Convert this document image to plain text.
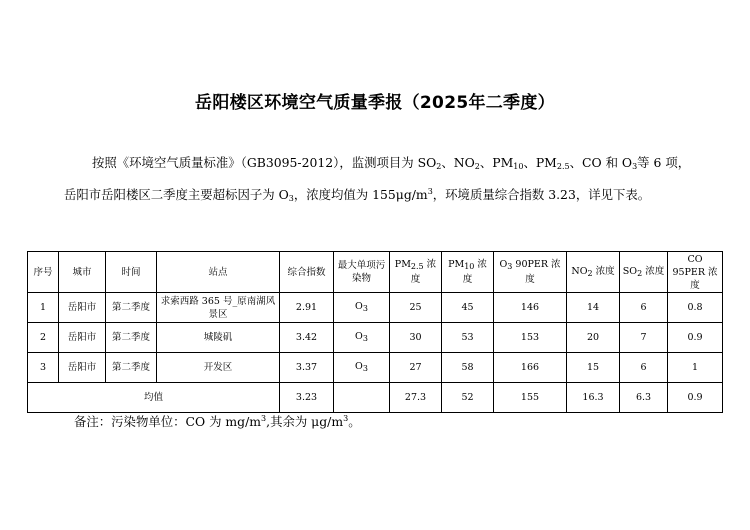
岳阳楼区环境空气质量季报（2025年二季度）
按照《环境空气质量标准》（GB3095-2012），监测项目为 $SO_2$、$NO_2$、$PM_{10}$、$PM_{2.5}$、CO 和 $O_3$等 6 项，岳阳市岳阳楼区二季度主要超标因子为 $O_3$，浓度均值为 $155\mu g/m^3$，环境质量综合指数 3.23，详见下表。
序号	城市	时间	站点	综合指数	最大单项污染物	$PM_{2.5}$ 浓度	$PM_{10}$ 浓度	$O_3$ 90PER 浓度	$NO_2$ 浓度	$SO_2$ 浓度	CO 95PER 浓度
1	岳阳市	第二季度	求索西路 365 号_原南湖风景区	2.91	$O_3$	25	45	146	14	6	0.8
2	岳阳市	第二季度	城陵矶	3.42	$O_3$	30	53	153	20	7	0.9
3	岳阳市	第二季度	开发区	3.37	$O_3$	27	58	166	15	6	1
均值				3.23		27.3	52	155	16.3	6.3	0.9
备注：污染物单位：CO 为 $mg/m^3$,其余为 $\mu g/m^3$。
